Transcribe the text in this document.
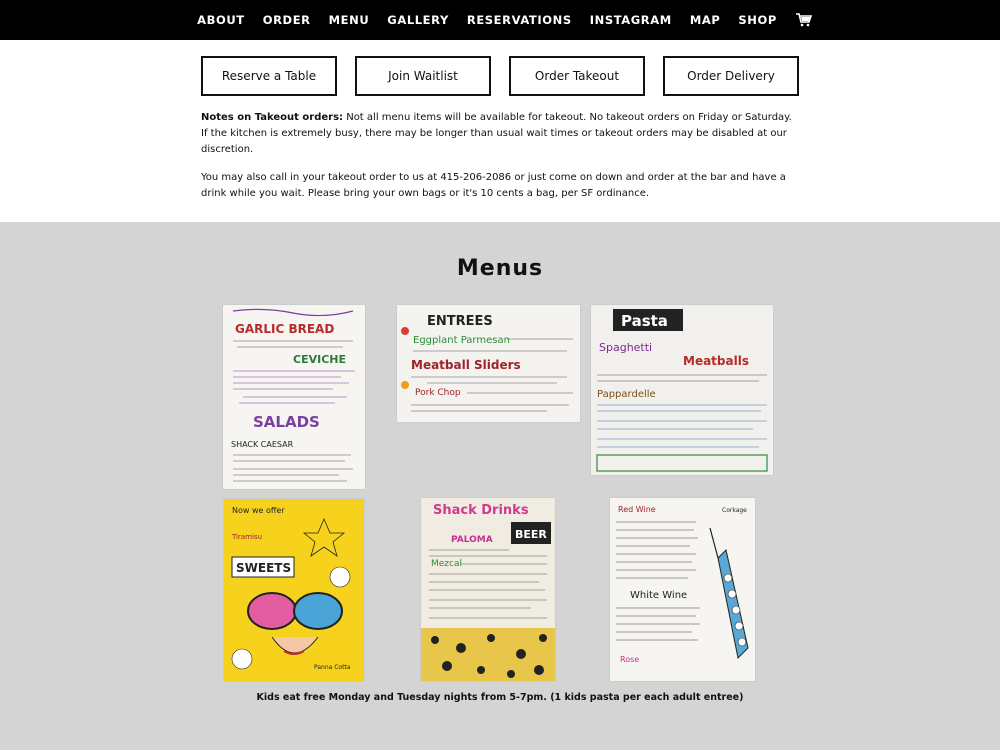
ABOUT ORDER MENU GALLERY RESERVATIONS INSTAGRAM MAP SHOP
Reserve a Table	Join Waitlist	Order Takeout	Order Delivery

Notes on Takeout orders: Not all menu items will be available for takeout. No takeout orders on Friday or Saturday. If the kitchen is extremely busy, there may be longer than usual wait times or takeout orders may be disabled at our discretion.

You may also call in your takeout order to us at 415-206-2086 or just come on down and order at the bar and have a drink while you wait. Please bring your own bags or it's 10 cents a bag, per SF ordinance.

Menus
GARLIC BREAD
CEVICHE
SALADS
SHACK CAESAR
ENTREES
Eggplant Parmesan
Meatball Sliders
Pork Chop
Pasta
Spaghetti
Meatballs
Pappardelle
Now we offer
Tiramisu
SWEETS
Panna Cotta
Shack Drinks
BEER
PALOMA
Mezcal
Red Wine
White Wine
Rose
Corkage

Kids eat free Monday and Tuesday nights from 5-7pm. (1 kids pasta per each adult entree)
